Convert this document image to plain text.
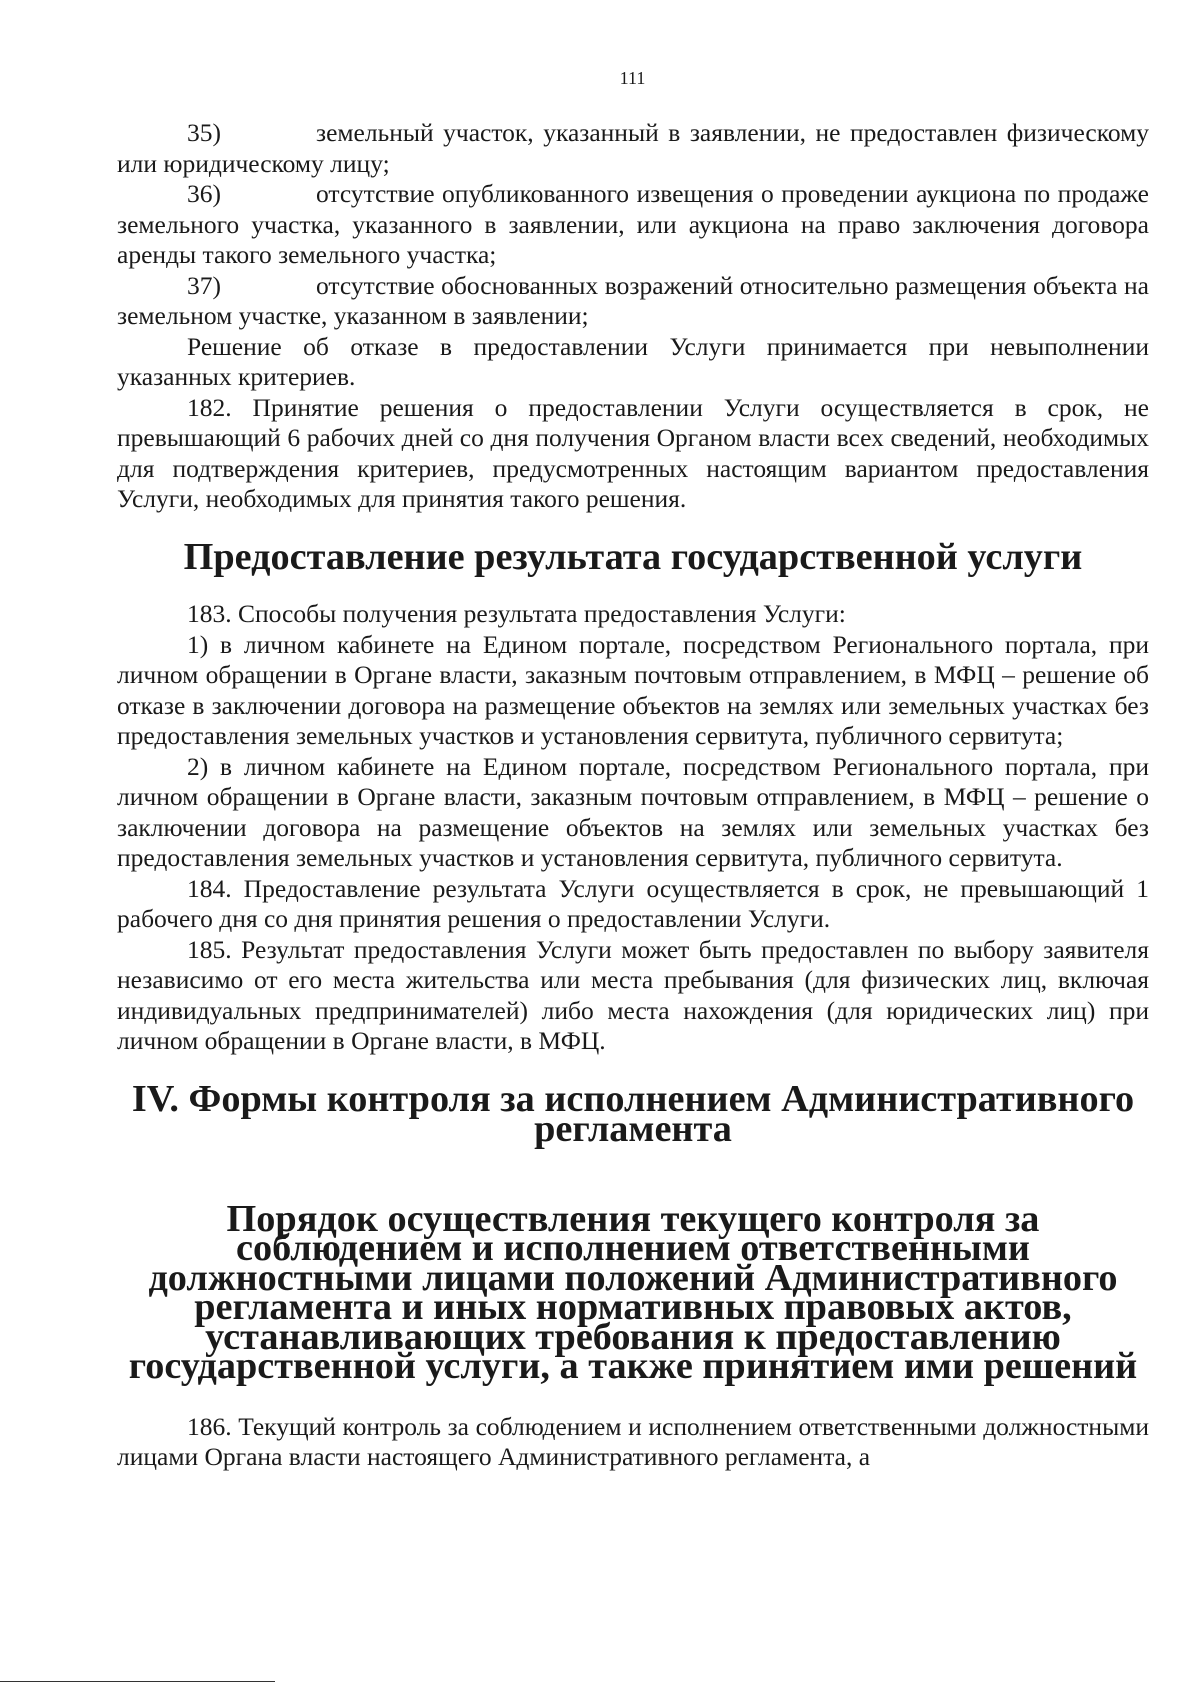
111

35)	земельный участок, указанный в заявлении, не предоставлен физическому или юридическому лицу;

36)	отсутствие опубликованного извещения о проведении аукциона по продаже земельного участка, указанного в заявлении, или аукциона на право заключения договора аренды такого земельного участка;

37)	отсутствие обоснованных возражений относительно размещения объекта на земельном участке, указанном в заявлении;

Решение об отказе в предоставлении Услуги принимается при невыполнении указанных критериев.

182. Принятие решения о предоставлении Услуги осуществляется в срок, не превышающий 6 рабочих дней со дня получения Органом власти всех сведений, необходимых для подтверждения критериев, предусмотренных настоящим вариантом предоставления Услуги, необходимых для принятия такого решения.

Предоставление результата государственной услуги

183. Способы получения результата предоставления Услуги:

1) в личном кабинете на Едином портале, посредством Регионального портала, при личном обращении в Органе власти, заказным почтовым отправлением, в МФЦ – решение об отказе в заключении договора на размещение объектов на землях или земельных участках без предоставления земельных участков и установления сервитута, публичного сервитута;

2) в личном кабинете на Едином портале, посредством Регионального портала, при личном обращении в Органе власти, заказным почтовым отправлением, в МФЦ – решение о заключении договора на размещение объектов на землях или земельных участках без предоставления земельных участков и установления сервитута, публичного сервитута.

184. Предоставление результата Услуги осуществляется в срок, не превышающий 1 рабочего дня со дня принятия решения о предоставлении Услуги.

185. Результат предоставления Услуги может быть предоставлен по выбору заявителя независимо от его места жительства или места пребывания (для физических лиц, включая индивидуальных предпринимателей) либо места нахождения (для юридических лиц) при личном обращении в Органе власти, в МФЦ.

IV. Формы контроля за исполнением Административного регламента
Порядок осуществления текущего контроля за соблюдением и исполнением ответственными должностными лицами положений Административного регламента и иных нормативных правовых актов, устанавливающих требования к предоставлению государственной услуги, а также принятием ими решений

186. Текущий контроль за соблюдением и исполнением ответственными должностными лицами Органа власти настоящего Административного регламента, а
